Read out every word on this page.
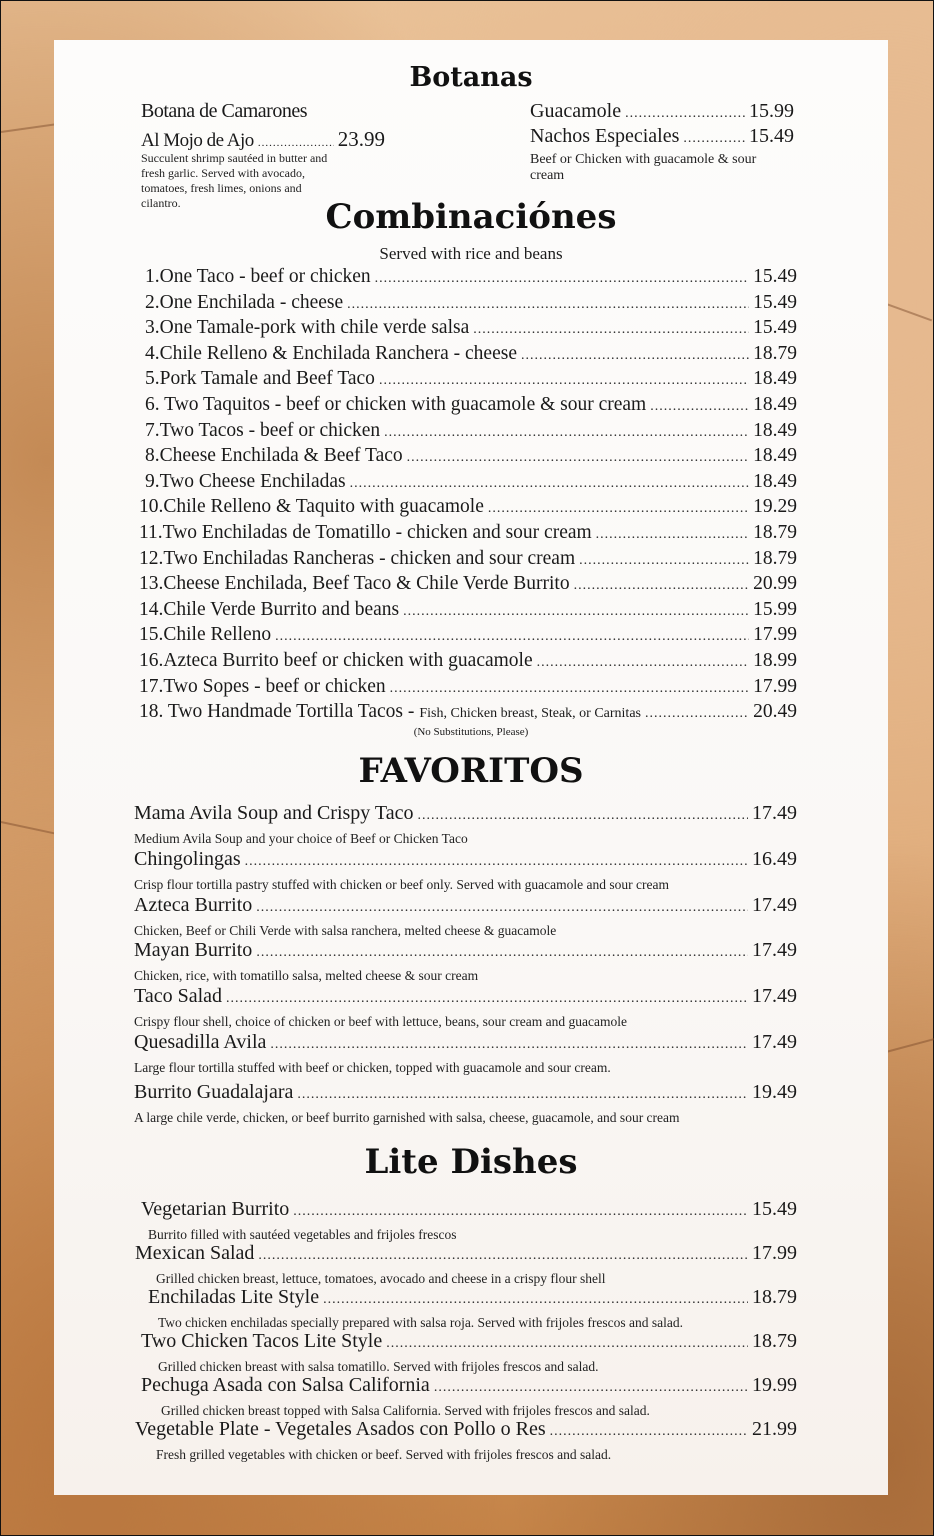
Botanas
Botana de Camarones
Al Mojo de Ajo .....	23.99
Succulent shrimp sautéed in butter and
fresh garlic. Served with avocado,
tomatoes, fresh limes, onions and
cilantro.
Guacamole .....	15.99
Nachos Especiales .....	15.49
Beef or Chicken with guacamole & sour
cream
Combinaciónes
Served with rice and beans
1.One Taco - beef or chicken .....	15.49
2.One Enchilada - cheese .....	15.49
3.One Tamale-pork with chile verde salsa .....	15.49
4.Chile Relleno & Enchilada Ranchera - cheese .....	18.79
5.Pork Tamale and Beef Taco .....	18.49
6. Two Taquitos - beef or chicken with guacamole & sour cream .....	18.49
7.Two Tacos - beef or chicken .....	18.49
8.Cheese Enchilada & Beef Taco .....	18.49
9.Two Cheese Enchiladas .....	18.49
10.Chile Relleno & Taquito with guacamole .....	19.29
11.Two Enchiladas de Tomatillo - chicken and sour cream .....	18.79
12.Two Enchiladas Rancheras - chicken and sour cream .....	18.79
13.Cheese Enchilada, Beef Taco & Chile Verde Burrito .....	20.99
14.Chile Verde Burrito and beans .....	15.99
15.Chile Relleno .....	17.99
16.Azteca Burrito beef or chicken with guacamole .....	18.99
17.Two Sopes - beef or chicken .....	17.99
18. Two Handmade Tortilla Tacos - Fish, Chicken breast, Steak, or Carnitas .....	20.49
(No Substitutions, Please)
FAVORITOS
Mama Avila Soup and Crispy Taco .....	17.49
Medium Avila Soup and your choice of Beef or Chicken Taco
Chingolingas .....	16.49
Crisp flour tortilla pastry stuffed with chicken or beef only. Served with guacamole and sour cream
Azteca Burrito .....	17.49
Chicken, Beef or Chili Verde with salsa ranchera, melted cheese & guacamole
Mayan Burrito .....	17.49
Chicken, rice, with tomatillo salsa, melted cheese & sour cream
Taco Salad .....	17.49
Crispy flour shell, choice of chicken or beef with lettuce, beans, sour cream and guacamole
Quesadilla Avila .....	17.49
Large flour tortilla stuffed with beef or chicken, topped with guacamole and sour cream.
Burrito Guadalajara .....	19.49
A large chile verde, chicken, or beef burrito garnished with salsa, cheese, guacamole, and sour cream
Lite Dishes
Vegetarian Burrito .....	15.49
Burrito filled with sautéed vegetables and frijoles frescos
Mexican Salad .....	17.99
Grilled chicken breast, lettuce, tomatoes, avocado and cheese in a crispy flour shell
Enchiladas Lite Style .....	18.79
Two chicken enchiladas specially prepared with salsa roja. Served with frijoles frescos and salad.
Two Chicken Tacos Lite Style .....	18.79
Grilled chicken breast with salsa tomatillo. Served with frijoles frescos and salad.
Pechuga Asada con Salsa California .....	19.99
Grilled chicken breast topped with Salsa California. Served with frijoles frescos and salad.
Vegetable Plate - Vegetales Asados con Pollo o Res .....	21.99
Fresh grilled vegetables with chicken or beef. Served with frijoles frescos and salad.
